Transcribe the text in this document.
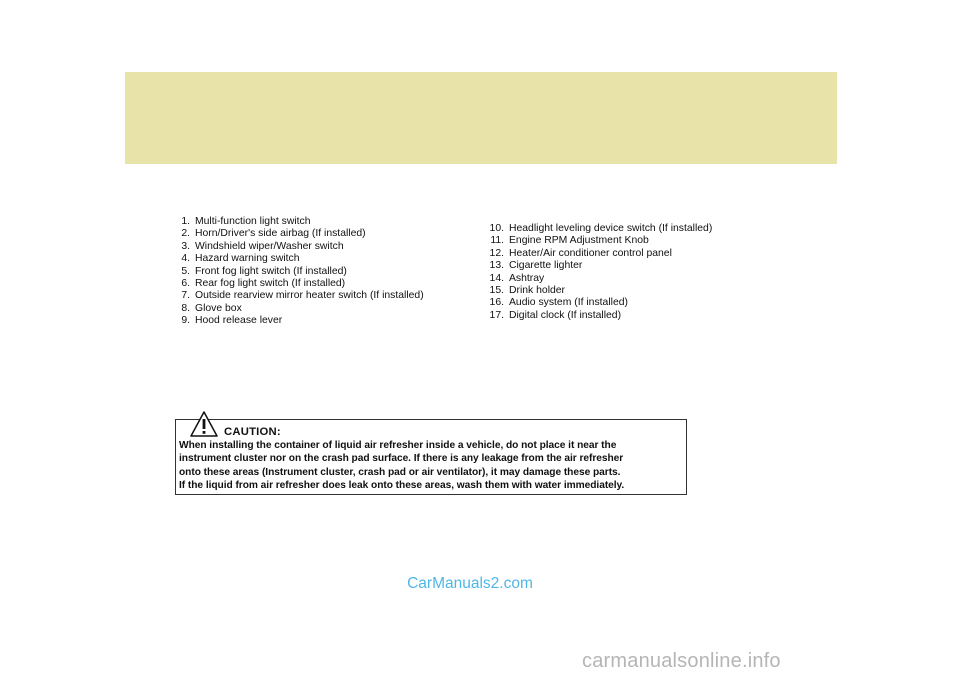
1. Multi-function light switch
2. Horn/Driver's side airbag (If installed)
3. Windshield wiper/Washer switch
4. Hazard warning switch
5. Front fog light switch (If installed)
6. Rear fog light switch (If installed)
7. Outside rearview mirror heater switch (If installed)
8. Glove box
9. Hood release lever
10. Headlight leveling device switch (If installed)
11. Engine RPM Adjustment Knob
12. Heater/Air conditioner control panel
13. Cigarette lighter
14. Ashtray
15. Drink holder
16. Audio system (If installed)
17. Digital clock (If installed)
CAUTION:

When installing the container of liquid air refresher inside a vehicle, do not place it near the
instrument cluster nor on the crash pad surface. If there is any leakage from the air refresher
onto these areas (Instrument cluster, crash pad or air ventilator), it may damage these parts.
If the liquid from air refresher does leak onto these areas, wash them with water immediately.

CarManuals2.com
carmanualsonline.info
